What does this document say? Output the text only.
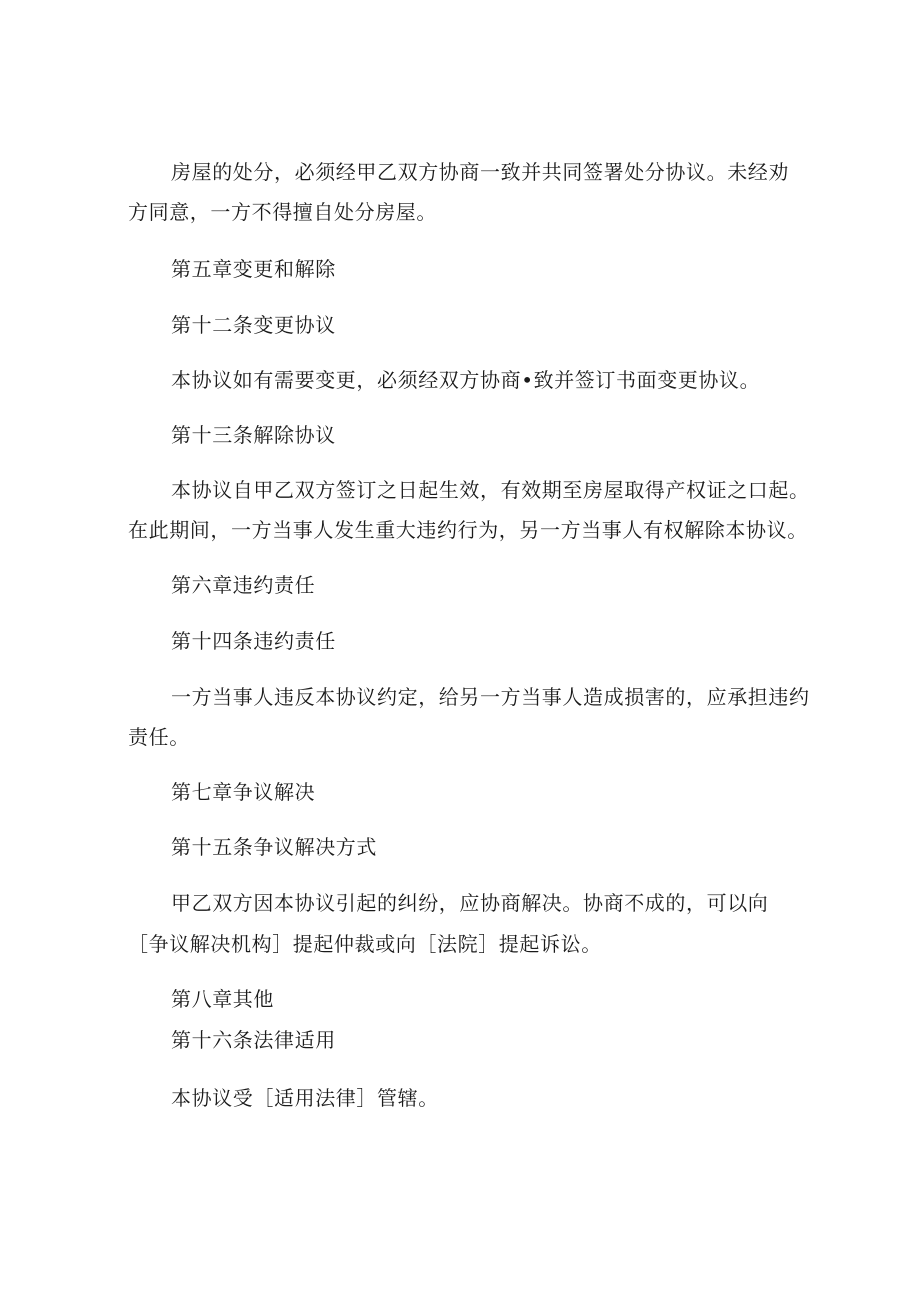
房屋的处分，必须经甲乙双方协商一致并共同签署处分协议。未经劝
方同意，一方不得擅自处分房屋。
第五章变更和解除
第十二条变更协议
本协议如有需要变更，必须经双方协商•致并签订书面变更协议。
第十三条解除协议
本协议自甲乙双方签订之日起生效，有效期至房屋取得产权证之口起。
在此期间，一方当事人发生重大违约行为，另一方当事人有权解除本协议。
第六章违约责任
第十四条违约责任
一方当事人违反本协议约定，给另一方当事人造成损害的，应承担违约
责任。
第七章争议解决
第十五条争议解决方式
甲乙双方因本协议引起的纠纷，应协商解决。协商不成的，可以向
［争议解决机构］提起仲裁或向［法院］提起诉讼。
第八章其他
第十六条法律适用
本协议受［适用法律］管辖。
